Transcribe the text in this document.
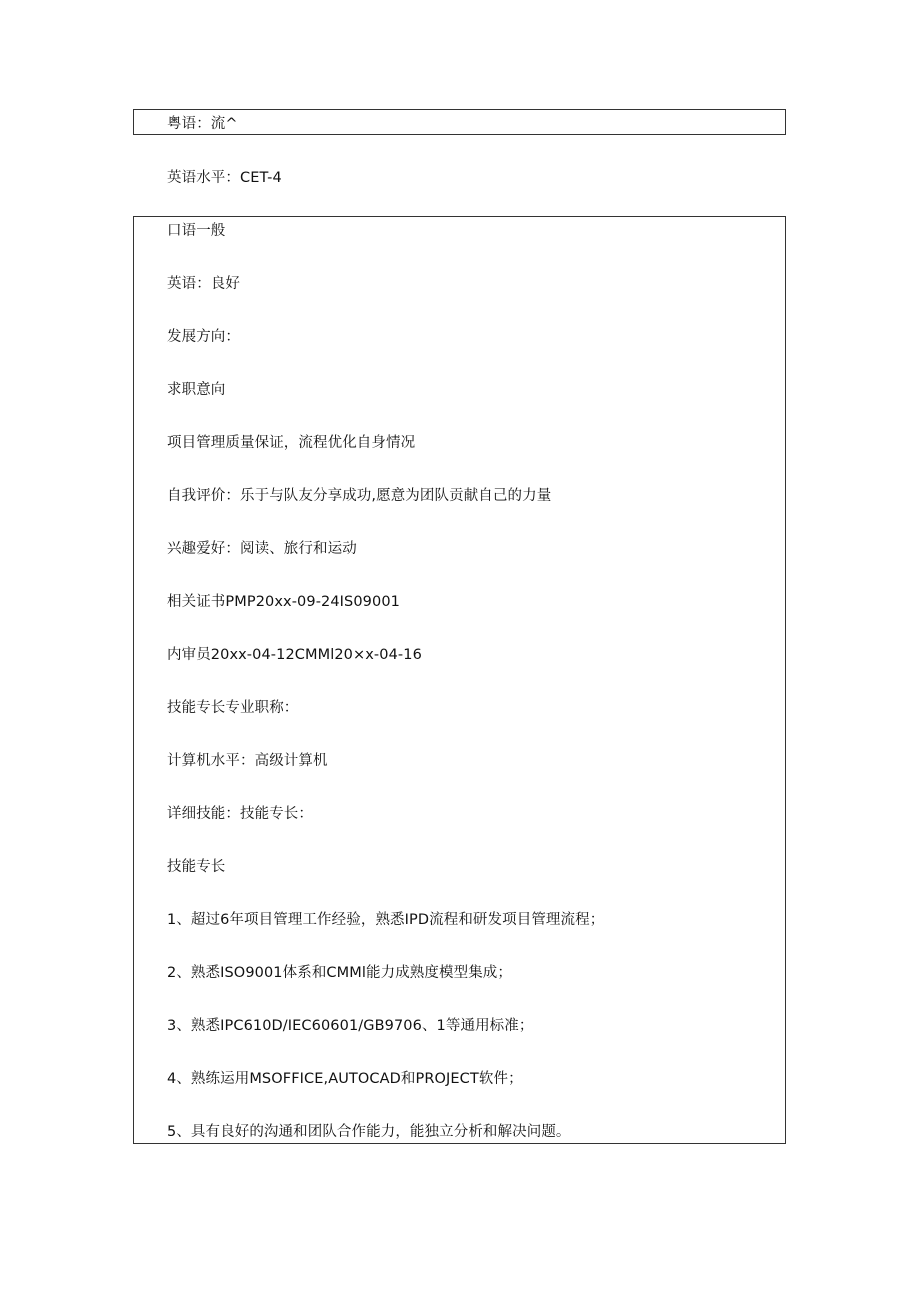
粤语：流^
英语水平：CET-4
口语一般
英语：良好
发展方向：
求职意向
项目管理质量保证，流程优化自身情况
自我评价：乐于与队友分享成功,愿意为团队贡献自己的力量
兴趣爱好：阅读、旅行和运动
相关证书PMP20xx-09-24IS09001
内审员20xx-04-12CMMl20×x-04-16
技能专长专业职称：
计算机水平：高级计算机
详细技能：技能专长：
技能专长
1、超过6年项目管理工作经验，熟悉IPD流程和研发项目管理流程；
2、熟悉ISO9001体系和CMMl能力成熟度模型集成；
3、熟悉IPC610D/IEC60601/GB9706、1等通用标准；
4、熟练运用MSOFFICE,AUTOCAD和PROJECT软件；
5、具有良好的沟通和团队合作能力，能独立分析和解决问题。
